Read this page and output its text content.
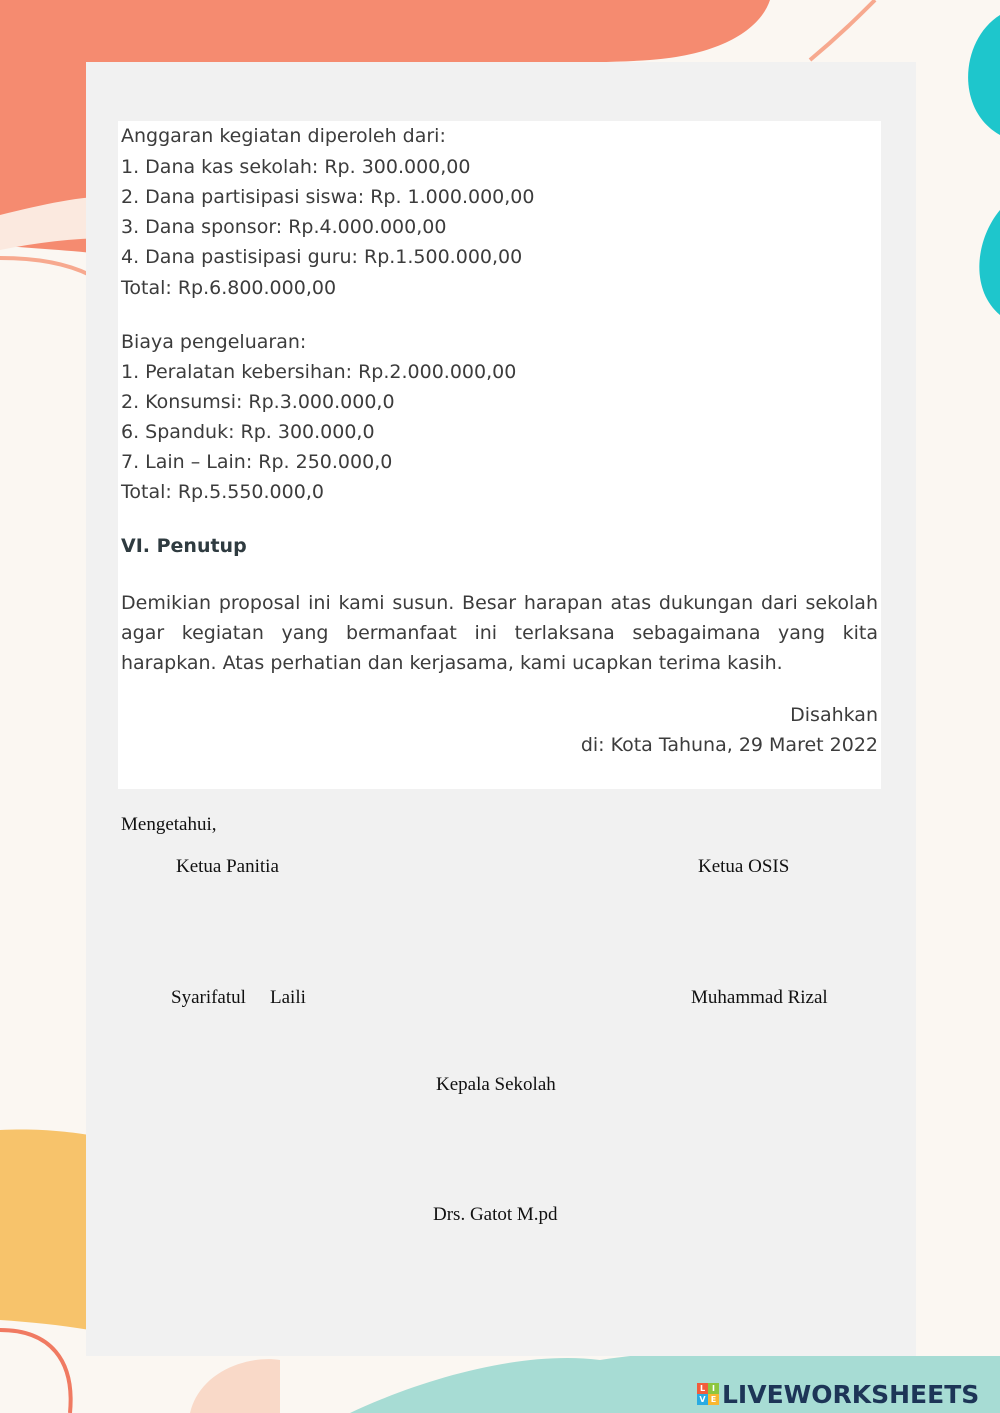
Anggaran kegiatan diperoleh dari:
1. Dana kas sekolah: Rp. 300.000,00
2. Dana partisipasi siswa: Rp. 1.000.000,00
3. Dana sponsor: Rp.4.000.000,00
4. Dana pastisipasi guru: Rp.1.500.000,00
Total: Rp.6.800.000,00
Biaya pengeluaran:
1. Peralatan kebersihan: Rp.2.000.000,00
2. Konsumsi: Rp.3.000.000,0
6. Spanduk: Rp. 300.000,0
7. Lain – Lain: Rp. 250.000,0
Total: Rp.5.550.000,0
VI. Penutup
Demikian proposal ini kami susun. Besar harapan atas dukungan dari sekolah agar kegiatan yang bermanfaat ini terlaksana sebagaimana yang kita harapkan. Atas perhatian dan kerjasama, kami ucapkan terima kasih.
Disahkan
di: Kota Tahuna, 29 Maret 2022
Mengetahui,
Ketua Panitia	Ketua OSIS
Syarifatul Laili	Muhammad Rizal
Kepala Sekolah
Drs. Gatot M.pd
L I
V E LIVEWORKSHEETS
